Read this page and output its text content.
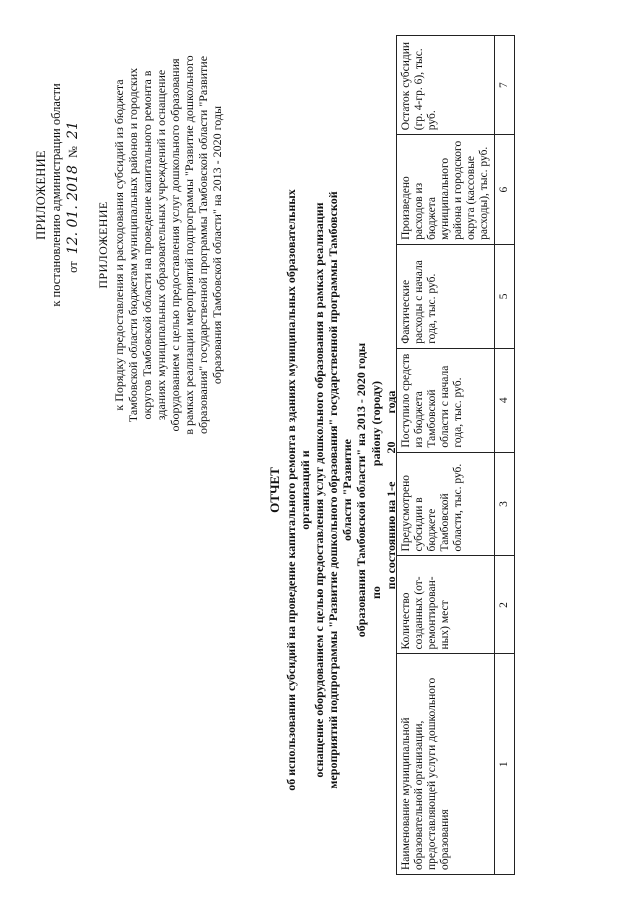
ПРИЛОЖЕНИЕ к постановлению администрации области от 12. 01. 2018 № 21
ПРИЛОЖЕНИЕ к Порядку предоставления и расходования субсидий из бюджета Тамбовской области бюджетам муниципальных районов и городских округов Тамбовской области на проведение капитального ремонта в зданиях муниципальных образовательных учреждений и оснащение оборудованием с целью предоставления услуг дошкольного образования в рамках реализации мероприятий подпрограммы "Развитие дошкольного образования" государственной программы Тамбовской области "Развитие образования Тамбовской области" на 2013 - 2020 годы
ОТЧЕТ об использовании субсидий на проведение капитального ремонта в зданиях муниципальных образовательных организаций и оснащение оборудованием с целью предоставления услуг дошкольного образования в рамках реализации мероприятий подпрограммы "Развитие дошкольного образования" государственной программы Тамбовской области "Развитие образования Тамбовской области" на 2013 - 2020 годы по
району (городу)
по состоянию на 1-е
20
года
Наименование муниципальной образовательной организации, предоставляющей услуги дошкольного образования	Количество созданных (от-ремонтирован-ных) мест	Предусмотрено субсидии в бюджете Тамбовской области, тыс. руб.	Поступило средств из бюджета Тамбовской области с начала года, тыс. руб.	Фактические расходы с начала года, тыс. руб.	Произведено расходов из бюджета муниципального района и городского округа (кассовые расходы), тыс. руб.	Остаток субсидии (гр. 4-гр. 6), тыс. руб.
1	2	3	4	5	6	7
